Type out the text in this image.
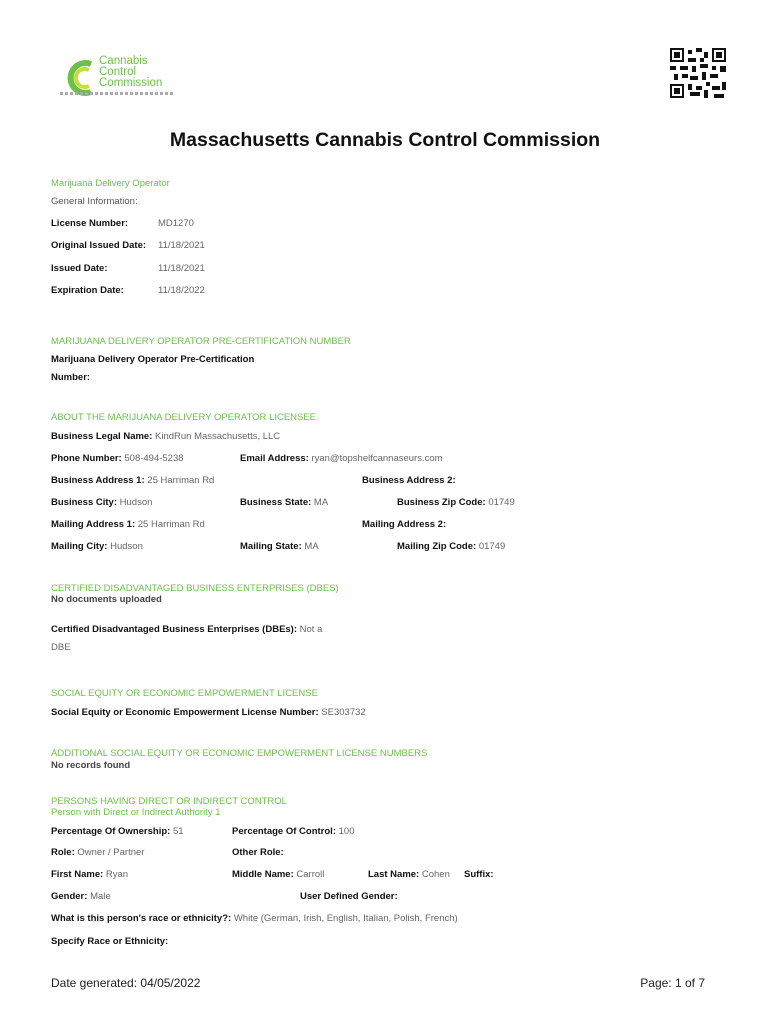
Cannabis
Control
Commission
Massachusetts Cannabis Control Commission
Marijuana Delivery Operator
General Information:
License Number:	MD1270
Original Issued Date: 11/18/2021
Issued Date:	11/18/2021
Expiration Date:	11/18/2022
MARIJUANA DELIVERY OPERATOR PRE-CERTIFICATION NUMBER
Marijuana Delivery Operator Pre-Certification
Number:
ABOUT THE MARIJUANA DELIVERY OPERATOR LICENSEE
Business Legal Name: KindRun Massachusetts, LLC
Phone Number: 508-494-5238	Email Address: ryan@topshelfcannaseurs.com
Business Address 1: 25 Harriman Rd	Business Address 2:
Business City: Hudson	Business State: MA	Business Zip Code: 01749
Mailing Address 1: 25 Harriman Rd	Mailing Address 2:
Mailing City: Hudson	Mailing State: MA	Mailing Zip Code: 01749
CERTIFIED DISADVANTAGED BUSINESS ENTERPRISES (DBES)
No documents uploaded
Certified Disadvantaged Business Enterprises (DBEs): Not a
DBE
SOCIAL EQUITY OR ECONOMIC EMPOWERMENT LICENSE
Social Equity or Economic Empowerment License Number: SE303732
ADDITIONAL SOCIAL EQUITY OR ECONOMIC EMPOWERMENT LICENSE NUMBERS
No records found
PERSONS HAVING DIRECT OR INDIRECT CONTROL
Person with Direct or Indirect Authority 1
Percentage Of Ownership: 51	Percentage Of Control: 100
Role: Owner / Partner	Other Role:
First Name: Ryan	Middle Name: Carroll	Last Name: Cohen Suffix:
Gender: Male	User Defined Gender:
What is this person's race or ethnicity?: White (German, Irish, English, Italian, Polish, French)
Specify Race or Ethnicity:
Date generated: 04/05/2022	Page: 1 of 7
